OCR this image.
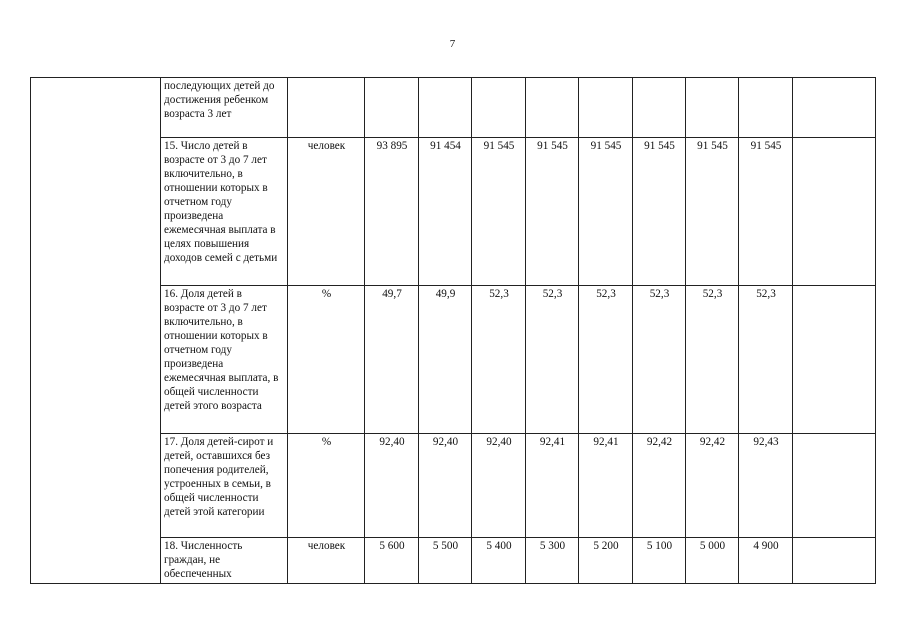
7
	последующих детей до достижения ребенком возраста 3 лет										
	15. Число детей в возрасте от 3 до 7 лет включительно, в отношении которых в отчетном году произведена ежемесячная выплата в целях повышения доходов семей с детьми	человек	93 895	91 454	91 545	91 545	91 545	91 545	91 545	91 545	
	16. Доля детей в возрасте от 3 до 7 лет включительно, в отношении которых в отчетном году произведена ежемесячная выплата, в общей численности детей этого возраста	%	49,7	49,9	52,3	52,3	52,3	52,3	52,3	52,3	
	17. Доля детей-сирот и детей, оставшихся без попечения родителей, устроенных в семьи, в общей численности детей этой категории	%	92,40	92,40	92,40	92,41	92,41	92,42	92,42	92,43	
	18. Численность граждан, не обеспеченных	человек	5 600	5 500	5 400	5 300	5 200	5 100	5 000	4 900	
